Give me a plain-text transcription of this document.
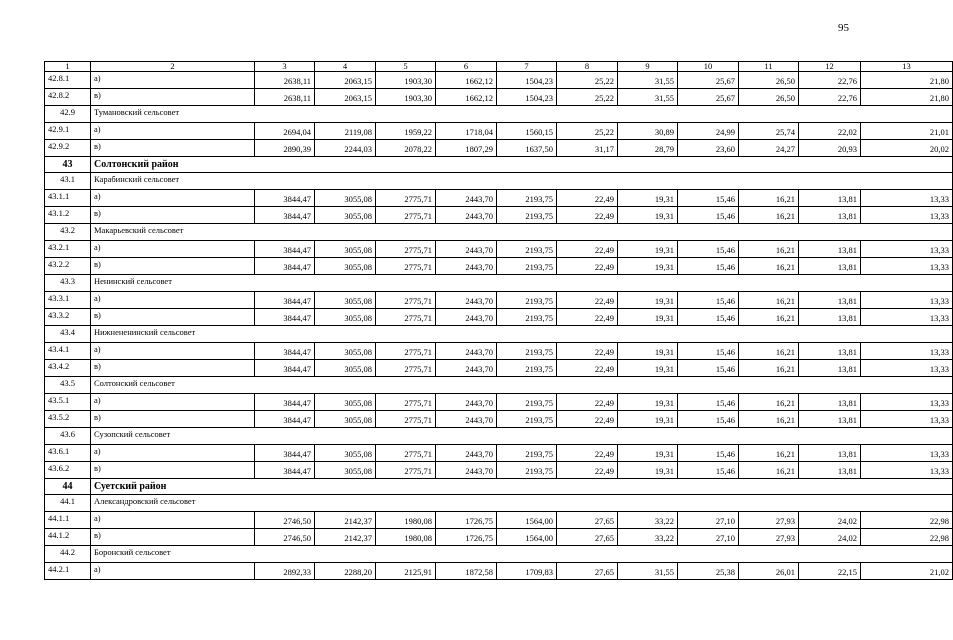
95
1	2	3	4	5	6	7	8	9	10	11	12	13
42.8.1	а)	2638,11	2063,15	1903,30	1662,12	1504,23	25,22	31,55	25,67	26,50	22,76	21,80
42.8.2	в)	2638,11	2063,15	1903,30	1662,12	1504,23	25,22	31,55	25,67	26,50	22,76	21,80
42.9	Тумановский сельсовет											
42.9.1	а)	2694,04	2119,08	1959,22	1718,04	1560,15	25,22	30,89	24,99	25,74	22,02	21,01
42.9.2	в)	2890,39	2244,03	2078,22	1807,29	1637,50	31,17	28,79	23,60	24,27	20,93	20,02
43	Солтонский район											
43.1	Карабинский сельсовет											
43.1.1	а)	3844,47	3055,08	2775,71	2443,70	2193,75	22,49	19,31	15,46	16,21	13,81	13,33
43.1.2	в)	3844,47	3055,08	2775,71	2443,70	2193,75	22,49	19,31	15,46	16,21	13,81	13,33
43.2	Макарьевский сельсовет											
43.2.1	а)	3844,47	3055,08	2775,71	2443,70	2193,75	22,49	19,31	15,46	16,21	13,81	13,33
43.2.2	в)	3844,47	3055,08	2775,71	2443,70	2193,75	22,49	19,31	15,46	16,21	13,81	13,33
43.3	Ненинский сельсовет											
43.3.1	а)	3844,47	3055,08	2775,71	2443,70	2193,75	22,49	19,31	15,46	16,21	13,81	13,33
43.3.2	в)	3844,47	3055,08	2775,71	2443,70	2193,75	22,49	19,31	15,46	16,21	13,81	13,33
43.4	Нижнененинский сельсовет											
43.4.1	а)	3844,47	3055,08	2775,71	2443,70	2193,75	22,49	19,31	15,46	16,21	13,81	13,33
43.4.2	в)	3844,47	3055,08	2775,71	2443,70	2193,75	22,49	19,31	15,46	16,21	13,81	13,33
43.5	Солтонский сельсовет											
43.5.1	а)	3844,47	3055,08	2775,71	2443,70	2193,75	22,49	19,31	15,46	16,21	13,81	13,33
43.5.2	в)	3844,47	3055,08	2775,71	2443,70	2193,75	22,49	19,31	15,46	16,21	13,81	13,33
43.6	Сузопский сельсовет											
43.6.1	а)	3844,47	3055,08	2775,71	2443,70	2193,75	22,49	19,31	15,46	16,21	13,81	13,33
43.6.2	в)	3844,47	3055,08	2775,71	2443,70	2193,75	22,49	19,31	15,46	16,21	13,81	13,33
44	Суетский район											
44.1	Александровский сельсовет											
44.1.1	а)	2746,50	2142,37	1980,08	1726,75	1564,00	27,65	33,22	27,10	27,93	24,02	22,98
44.1.2	в)	2746,50	2142,37	1980,08	1726,75	1564,00	27,65	33,22	27,10	27,93	24,02	22,98
44.2	Боронский сельсовет											
44.2.1	а)	2892,33	2288,20	2125,91	1872,58	1709,83	27,65	31,55	25,38	26,01	22,15	21,02
